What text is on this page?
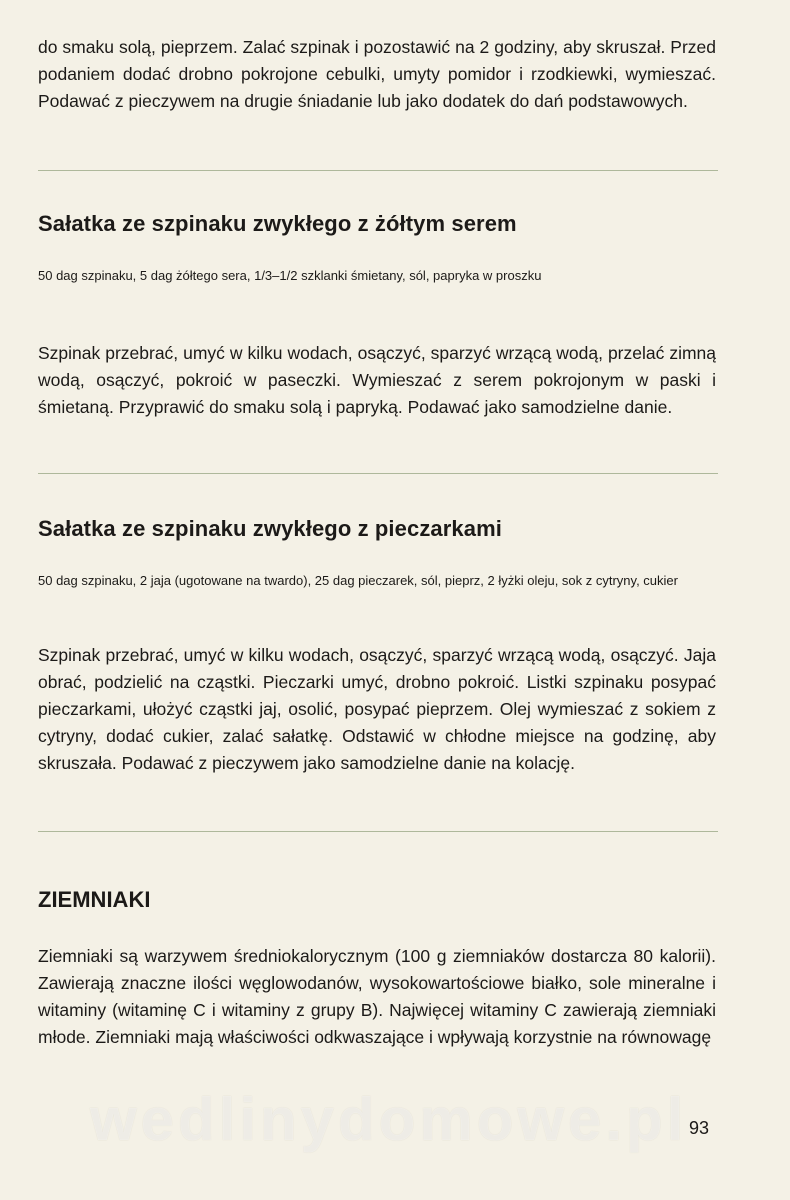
do smaku solą, pieprzem. Zalać szpinak i pozostawić na 2 godziny, aby skruszał. Przed podaniem dodać drobno pokrojone cebulki, umyty pomidor i rzodkiewki, wymieszać. Podawać z pieczywem na drugie śniadanie lub jako dodatek do dań podstawowych.

Sałatka ze szpinaku zwykłego z żółtym serem

50 dag szpinaku, 5 dag żółtego sera, 1/3–1/2 szklanki śmietany, sól, papryka w proszku

Szpinak przebrać, umyć w kilku wodach, osączyć, sparzyć wrzącą wodą, przelać zimną wodą, osączyć, pokroić w paseczki. Wymieszać z serem pokrojonym w paski i śmietaną. Przyprawić do smaku solą i papryką. Podawać jako samodzielne danie.

Sałatka ze szpinaku zwykłego z pieczarkami

50 dag szpinaku, 2 jaja (ugotowane na twardo), 25 dag pieczarek, sól, pieprz, 2 łyżki oleju, sok z cytryny, cukier

Szpinak przebrać, umyć w kilku wodach, osączyć, sparzyć wrzącą wodą, osączyć. Jaja obrać, podzielić na cząstki. Pieczarki umyć, drobno pokroić. Listki szpinaku posypać pieczarkami, ułożyć cząstki jaj, osolić, posypać pieprzem. Olej wymieszać z sokiem z cytryny, dodać cukier, zalać sałatkę. Odstawić w chłodne miejsce na godzinę, aby skruszała. Podawać z pieczywem jako samodzielne danie na kolację.

ZIEMNIAKI

Ziemniaki są warzywem średniokalorycznym (100 g ziemniaków dostarcza 80 kalorii). Zawierają znaczne ilości węglowodanów, wysokowartościowe białko, sole mineralne i witaminy (witaminę C i witaminy z grupy B). Najwięcej witaminy C zawierają ziemniaki młode. Ziemniaki mają właściwości odkwaszające i wpływają korzystnie na równowagę

wedlinydomowe.pl 93
